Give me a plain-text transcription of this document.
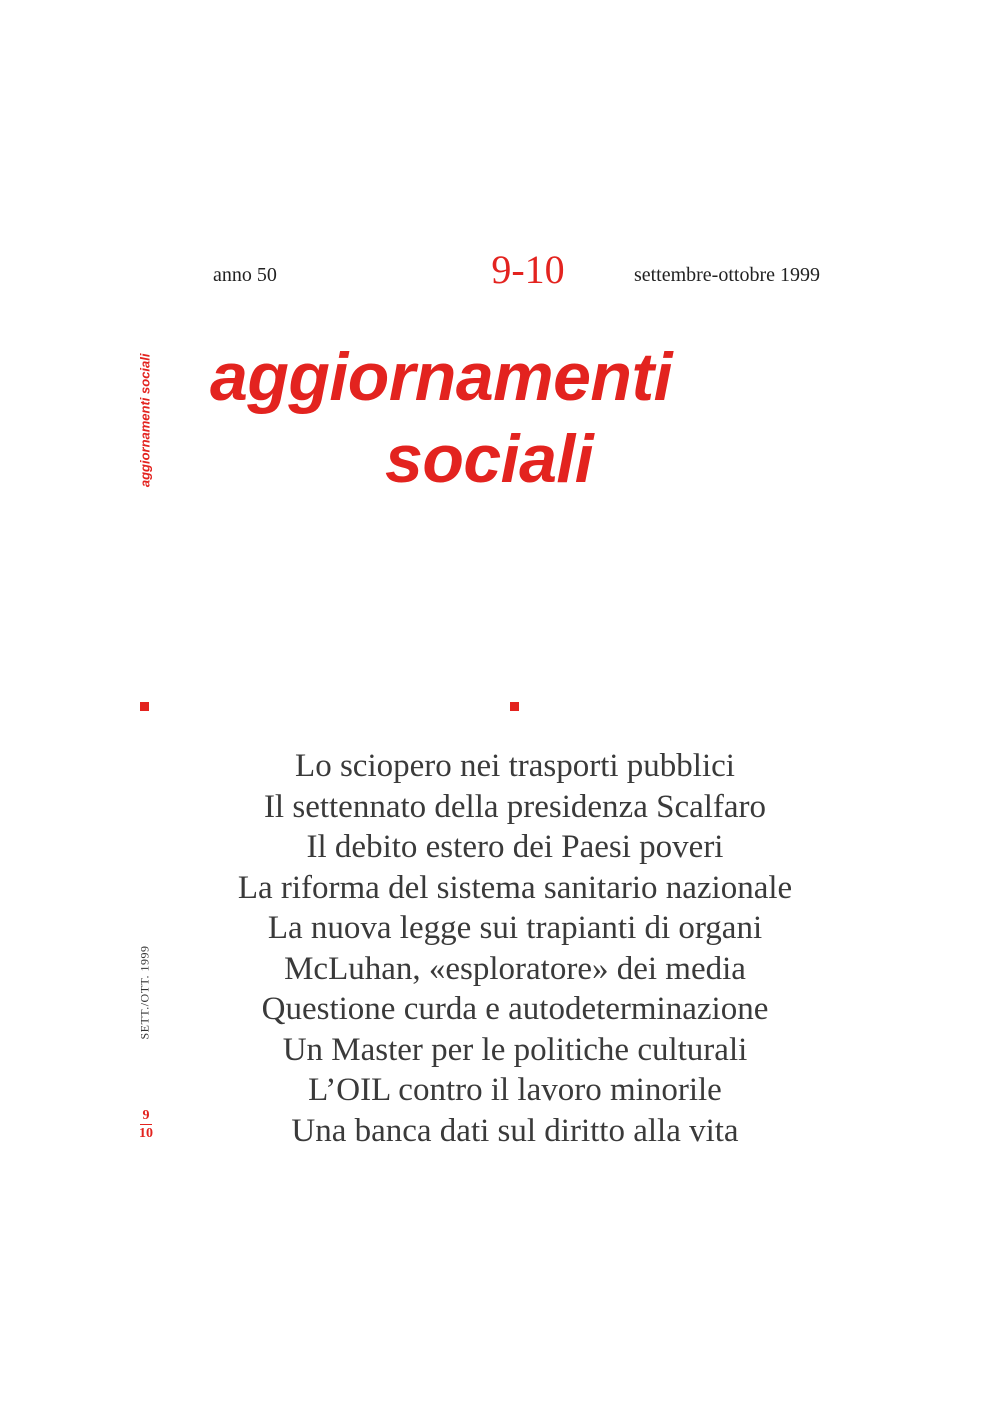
anno 50	9-10	settembre-ottobre 1999
aggiornamenti
sociali
aggiornamenti sociali
SETT./OTT. 1999
9
10
Lo sciopero nei trasporti pubblici
Il settennato della presidenza Scalfaro
Il debito estero dei Paesi poveri
La riforma del sistema sanitario nazionale
La nuova legge sui trapianti di organi
McLuhan, «esploratore» dei media
Questione curda e autodeterminazione
Un Master per le politiche culturali
L’OIL contro il lavoro minorile
Una banca dati sul diritto alla vita
